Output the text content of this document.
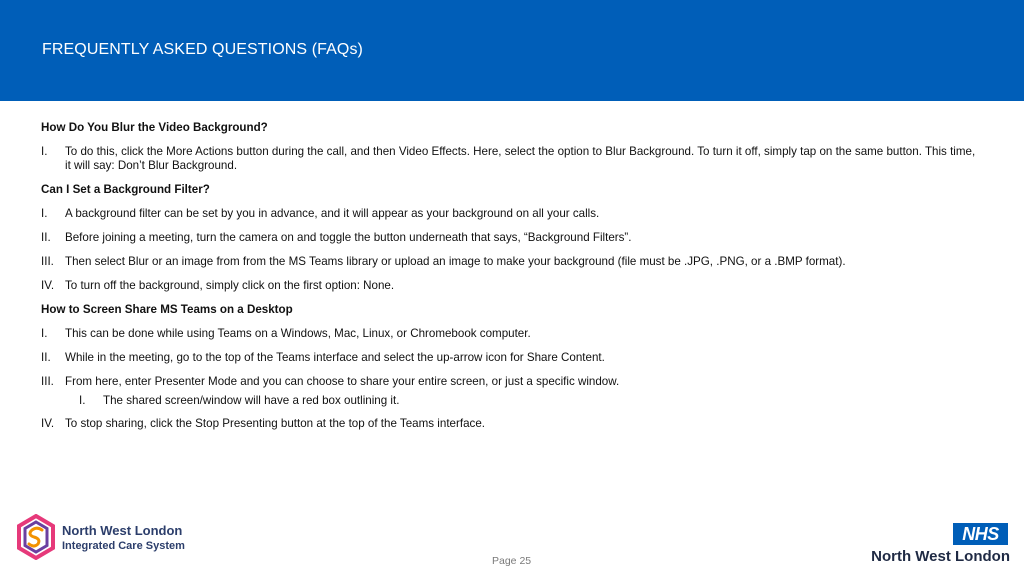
FREQUENTLY ASKED QUESTIONS (FAQs)
How Do You Blur the Video Background?
I. To do this, click the More Actions button during the call, and then Video Effects. Here, select the option to Blur Background. To turn it off, simply tap on the same button. This time, it will say: Don’t Blur Background.
Can I Set a Background Filter?
I. A background filter can be set by you in advance, and it will appear as your background on all your calls.
II. Before joining a meeting, turn the camera on and toggle the button underneath that says, “Background Filters”.
III. Then select Blur or an image from from the MS Teams library or upload an image to make your background (file must be .JPG, .PNG, or a .BMP format).
IV. To turn off the background, simply click on the first option: None.
How to Screen Share MS Teams on a Desktop
I. This can be done while using Teams on a Windows, Mac, Linux, or Chromebook computer.
II. While in the meeting, go to the top of the Teams interface and select the up-arrow icon for Share Content.
III. From here, enter Presenter Mode and you can choose to share your entire screen, or just a specific window.
I. The shared screen/window will have a red box outlining it.
IV. To stop sharing, click the Stop Presenting button at the top of the Teams interface.
North West London
Integrated Care System
Page 25
NHS
North West London
